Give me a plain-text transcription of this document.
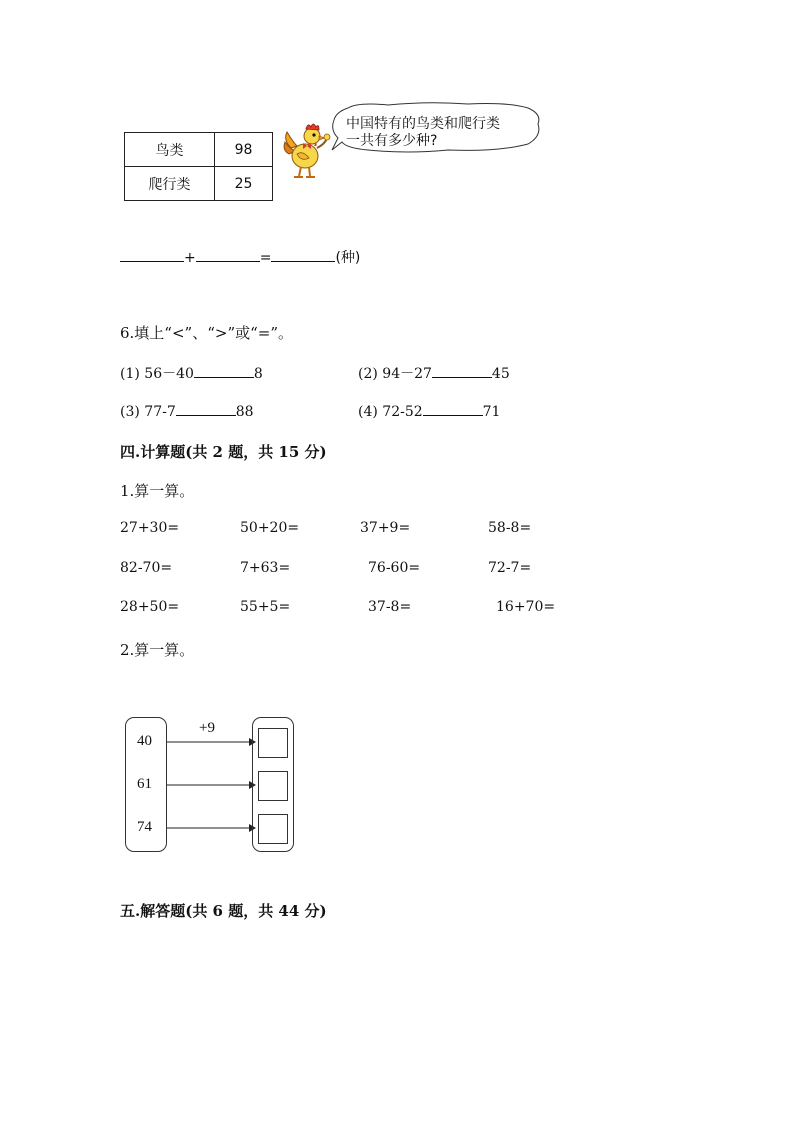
中国特有的鸟类和爬行类
一共有多少种?
鸟类	98
爬行类	25
+	=	(种)
6.填上“<”、“>”或“=”。
(1) 56－40	8	(2) 94－27	45
(3) 77-7	88	(4) 72-52	71
四.计算题(共 2 题，共 15 分)
1.算一算。
27+30=	50+20=	37+9=	58-8=
82-70=	7+63=	76-60=	72-7=
28+50=	55+5=	37-8=	16+70=
2.算一算。
40
61
74
+9
五.解答题(共 6 题，共 44 分)
